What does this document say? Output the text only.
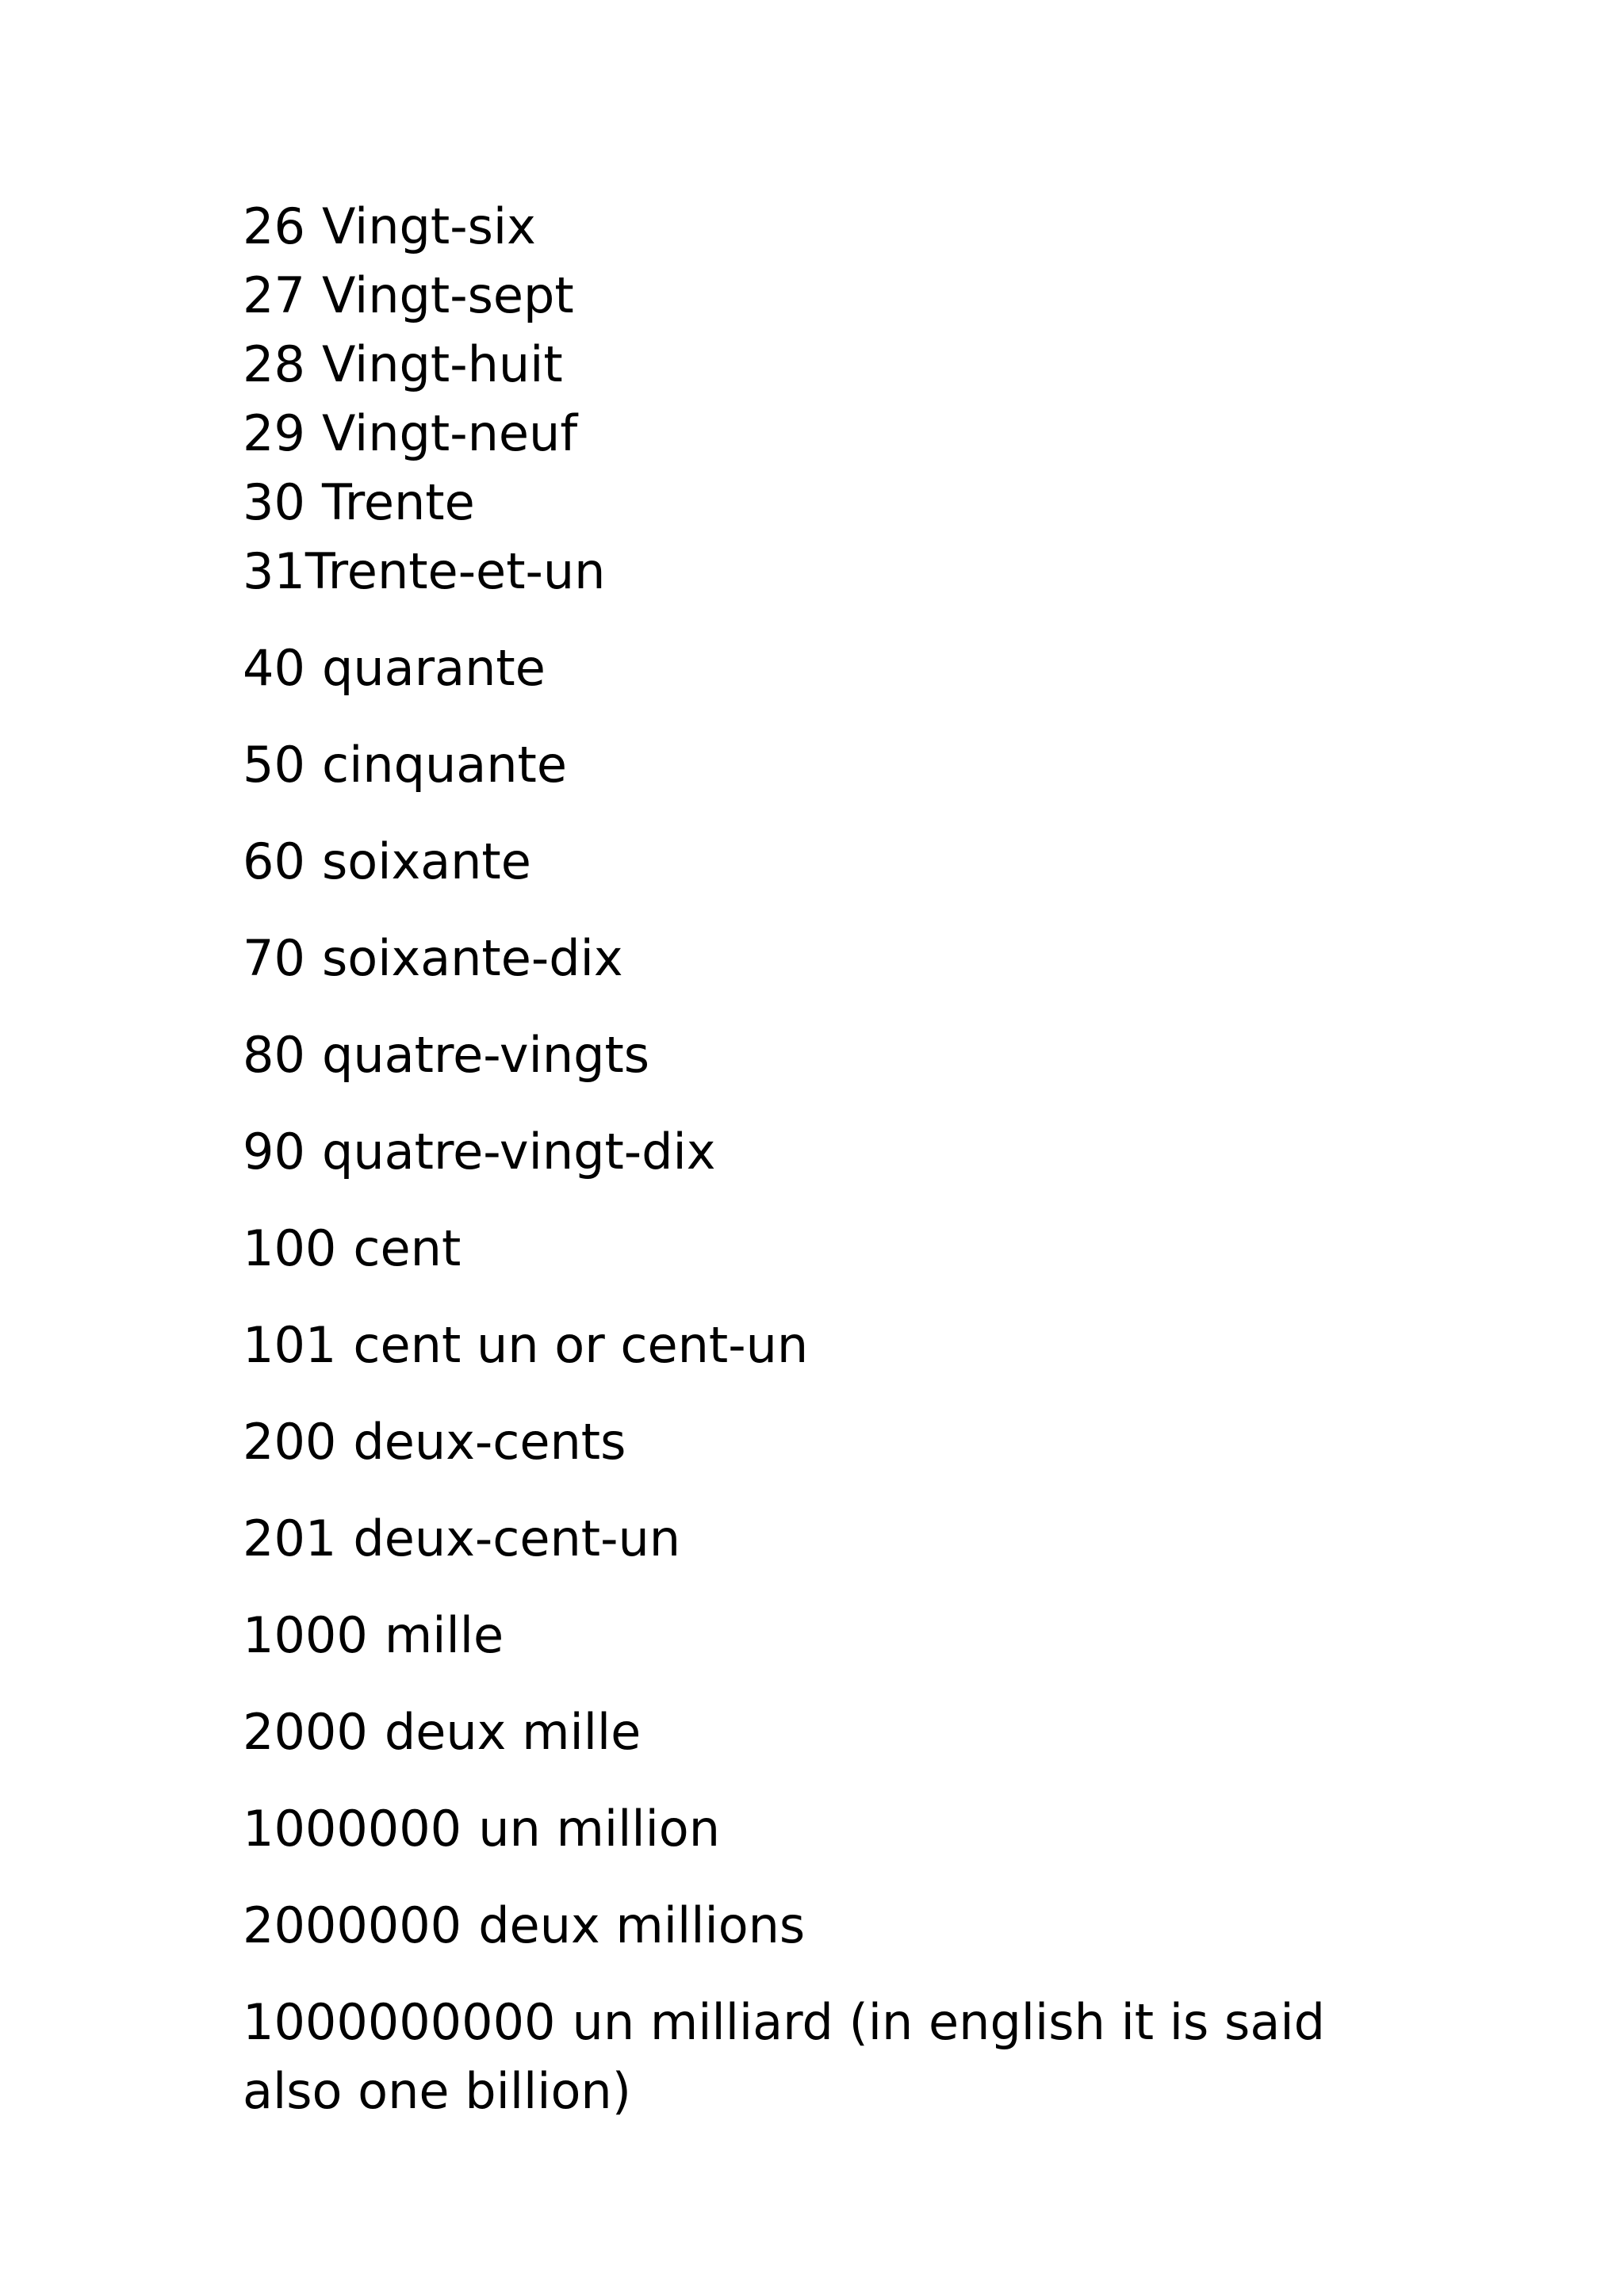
26 Vingt-six
27 Vingt-sept
28 Vingt-huit
29 Vingt-neuf
30 Trente
31Trente-et-un
40 quarante
50 cinquante
60 soixante
70 soixante-dix
80 quatre-vingts
90 quatre-vingt-dix
100 cent
101 cent un or cent-un
200 deux-cents
201 deux-cent-un
1000 mille
2000 deux mille
1000000 un million
2000000 deux millions
1000000000 un milliard (in english it is said also one billion)
